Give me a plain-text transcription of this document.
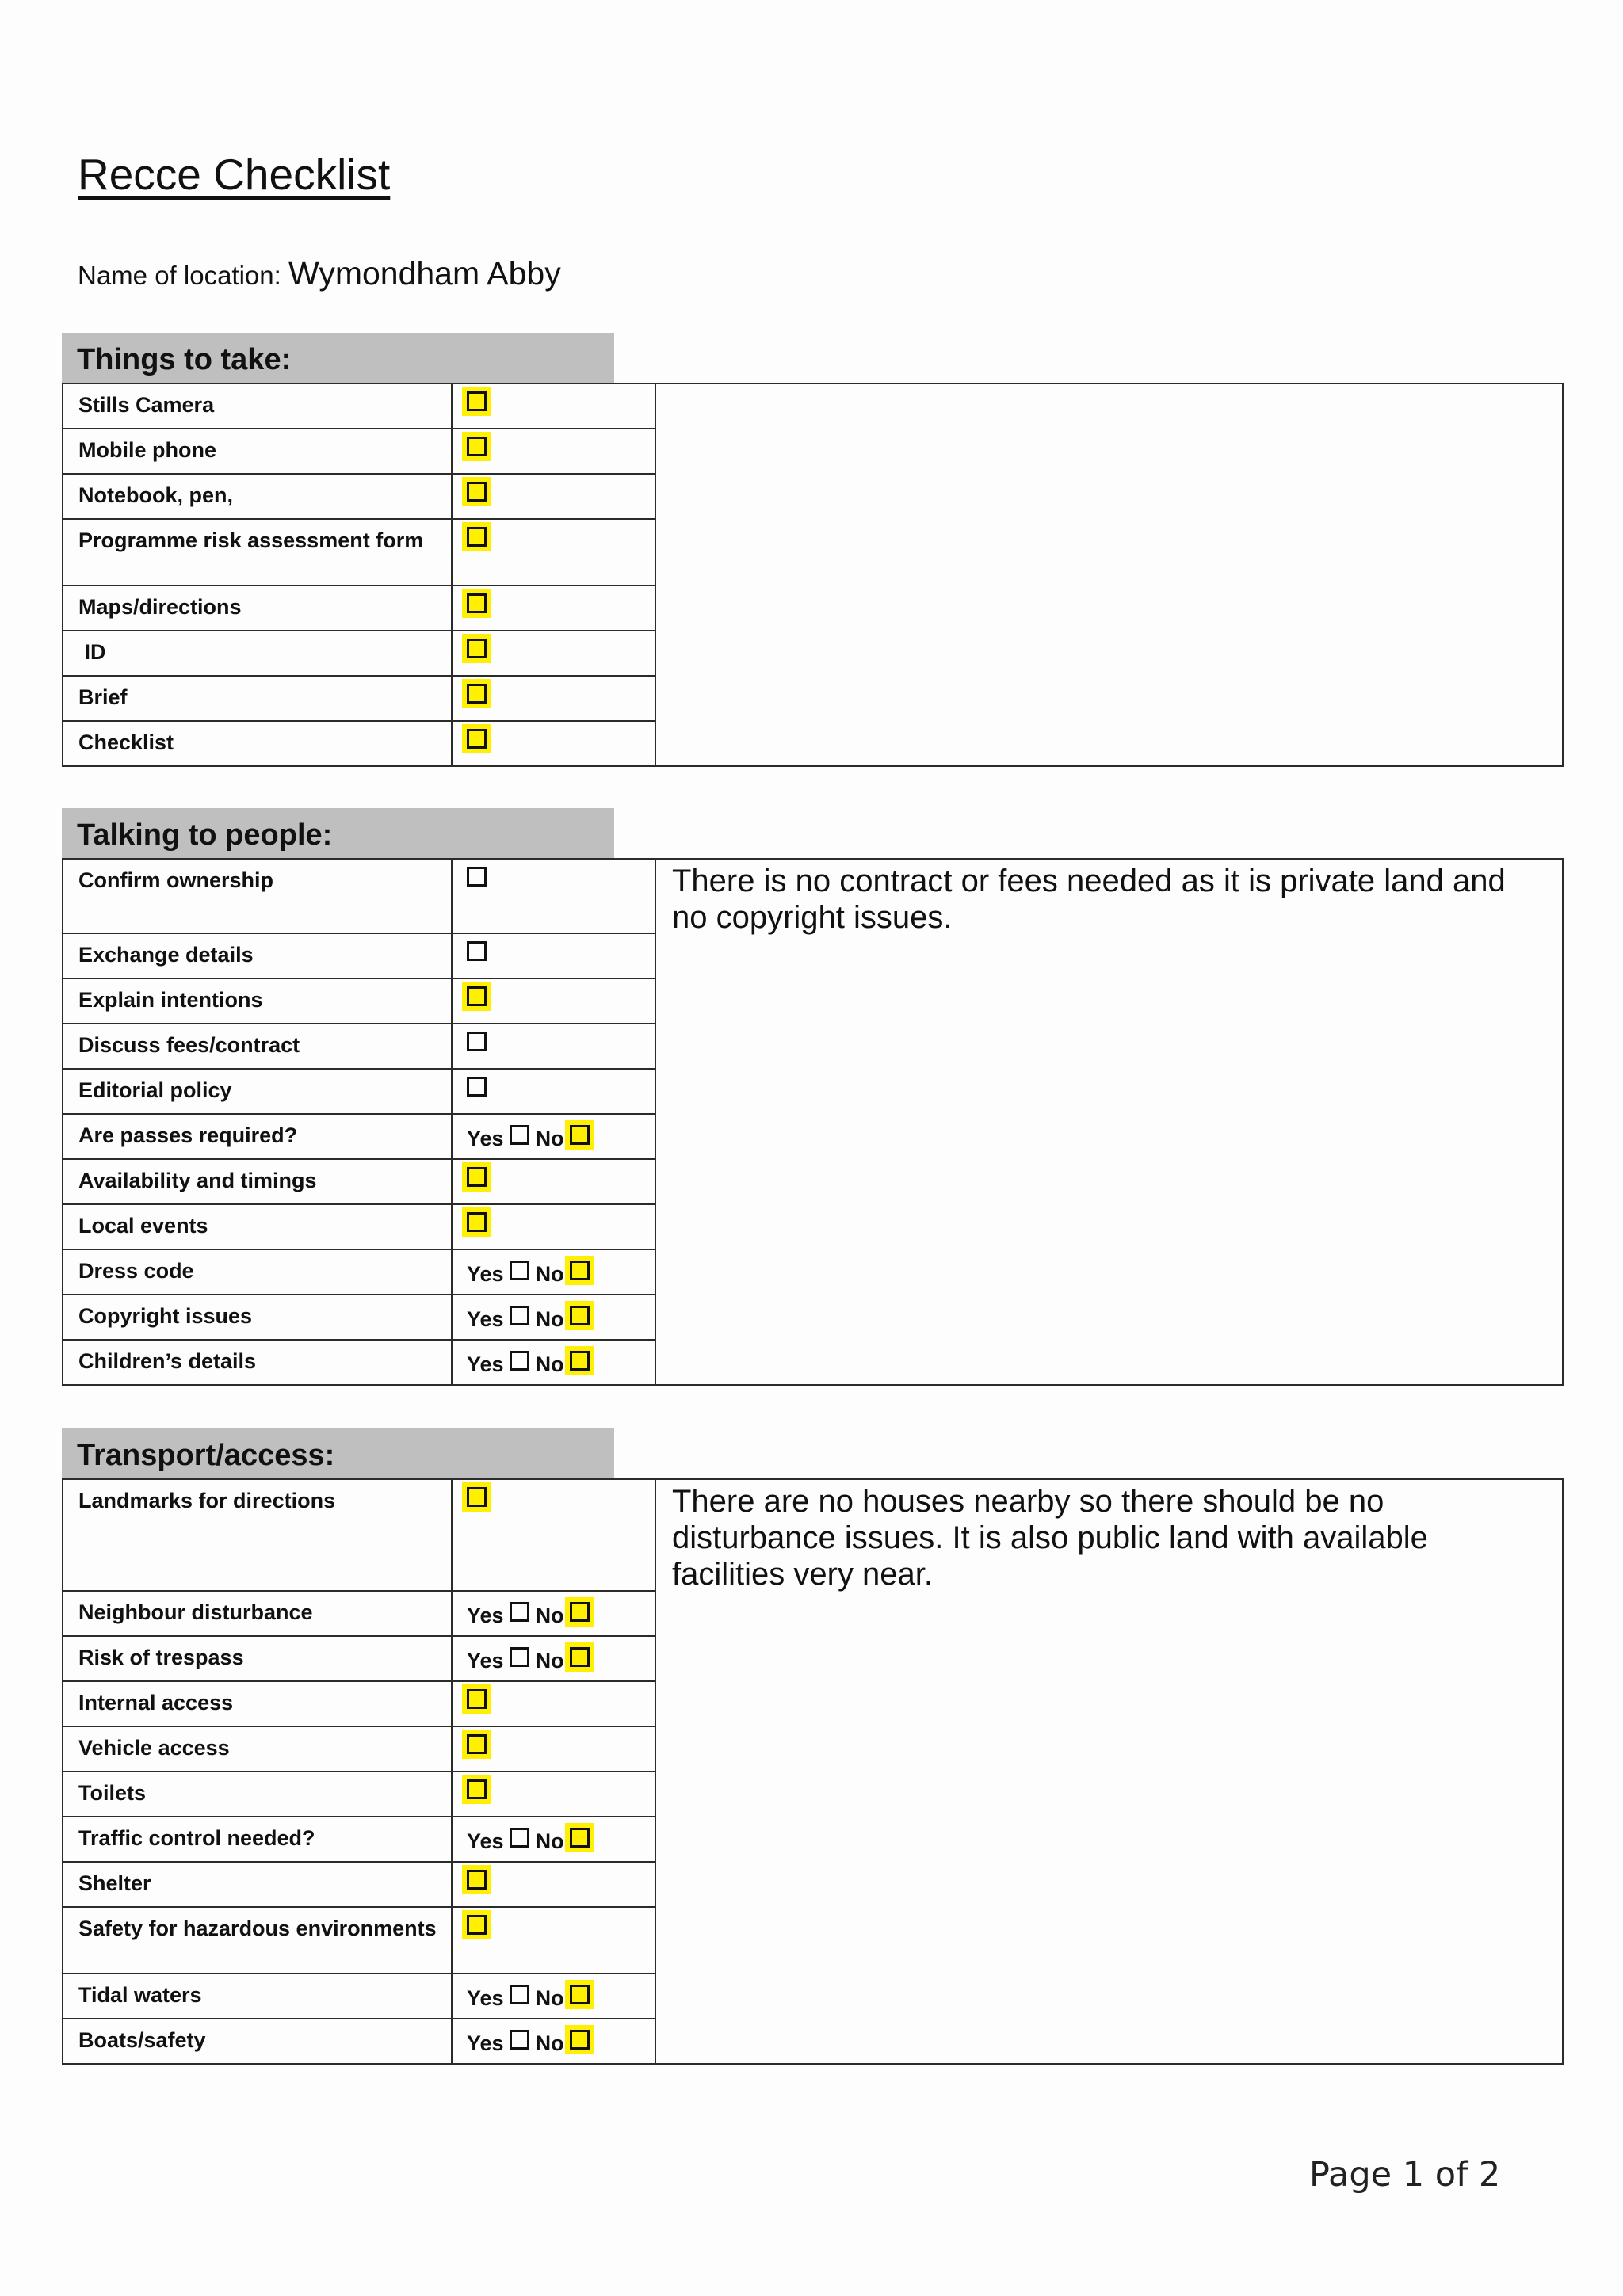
Recce Checklist
Name of location: Wymondham Abby
Things to take:
Stills Camera		
Mobile phone		
Notebook, pen,		
Programme risk assessment form		
Maps/directions		
ID		
Brief		
Checklist		
Talking to people:
Confirm ownership		There is no contract or fees needed as it is private land and no copyright issues.
Exchange details		
Explain intentions		
Discuss fees/contract		
Editorial policy		
Are passes required?	Yes No	
Availability and timings		
Local events		
Dress code	Yes No	
Copyright issues	Yes No	
Children’s details	Yes No	
Transport/access:
Landmarks for directions		There are no houses nearby so there should be no disturbance issues. It is also public land with available facilities very near.
Neighbour disturbance	Yes No	
Risk of trespass	Yes No	
Internal access		
Vehicle access		
Toilets		
Traffic control needed?	Yes No	
Shelter		
Safety for hazardous environments		
Tidal waters	Yes No	
Boats/safety	Yes No	
Page 1 of 2
